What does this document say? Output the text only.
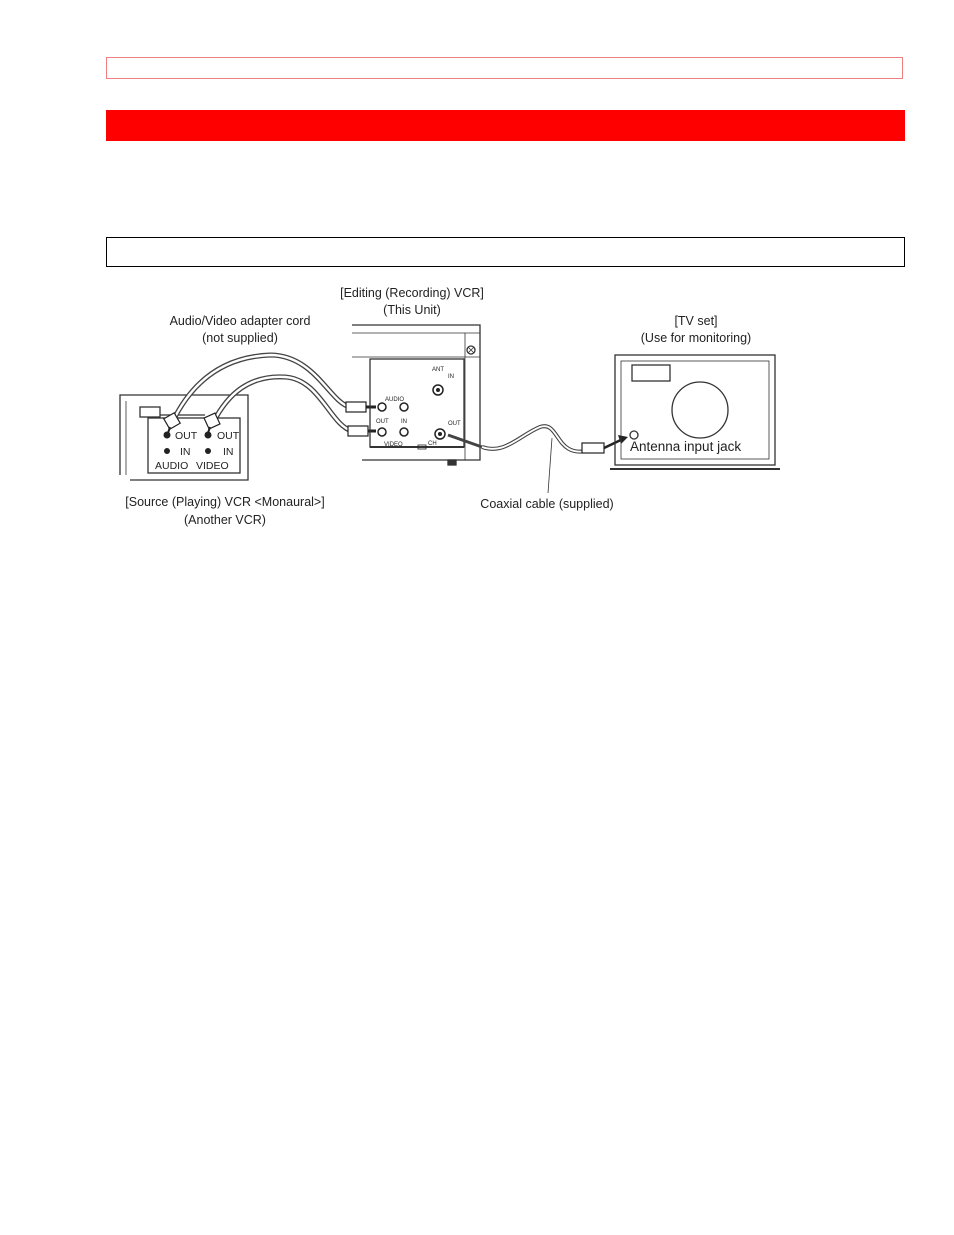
OUT
IN
OUT
IN
AUDIO VIDEO
ANT
IN
AUDIO
OUT IN
VIDEO
OUT
CH
[Editing (Recording) VCR]
(This Unit)
Audio/Video adapter cord
(not supplied)
[TV set]
(Use for monitoring)
Antenna input jack
[Source (Playing) VCR <Monaural>]
(Another VCR)
Coaxial cable (supplied)
